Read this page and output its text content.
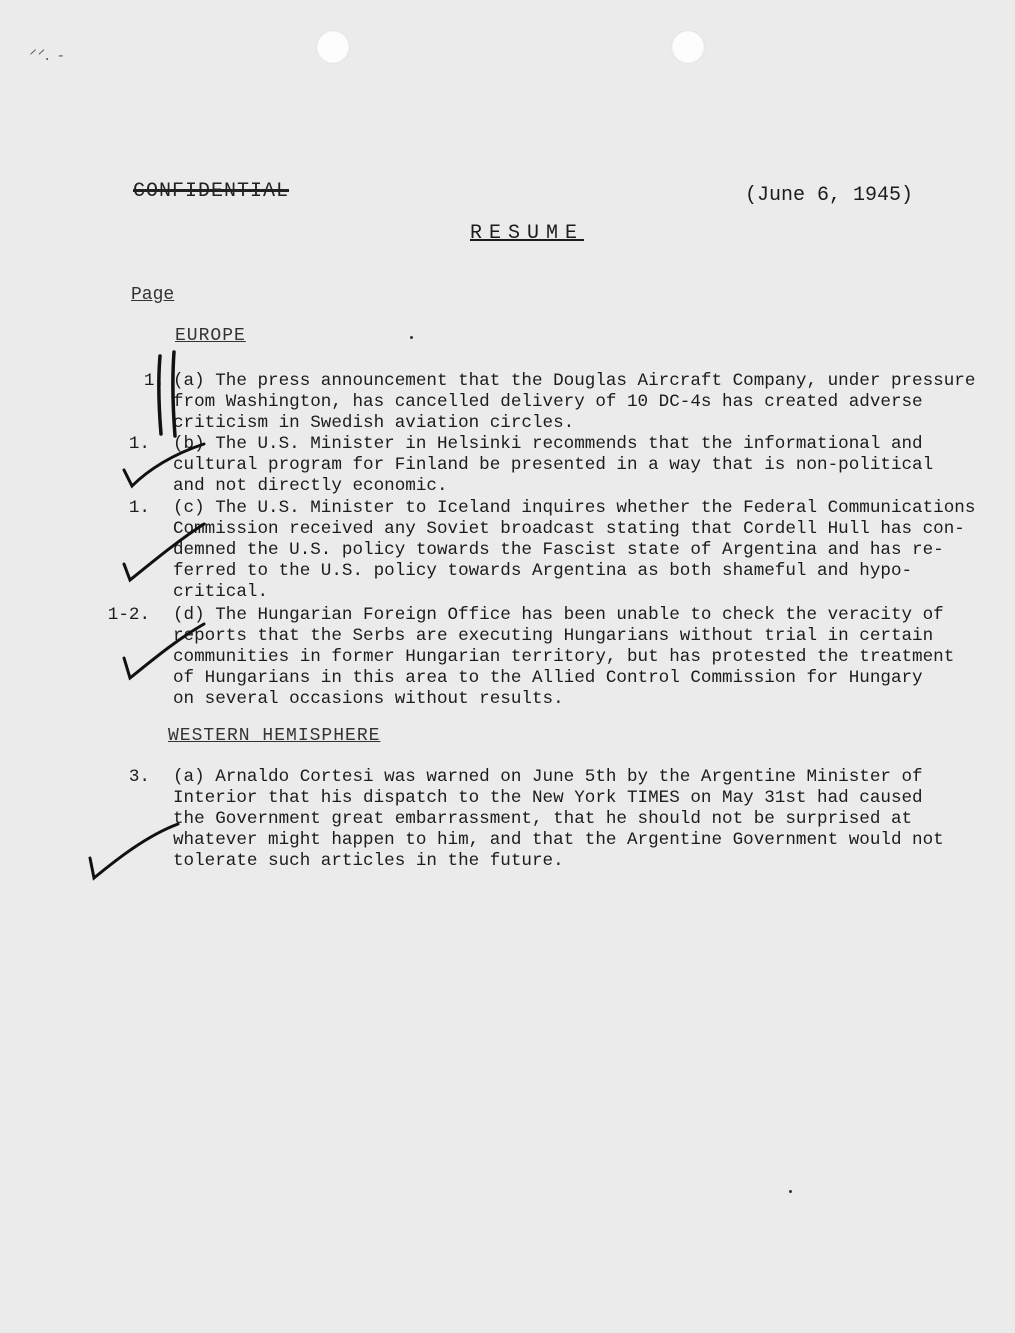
ᐟᐟ. -
CONFIDENTIAL	(June 6, 1945)
RESUME
Page
EUROPE
1. (a) The press announcement that the Douglas Aircraft Company, under pressure
from Washington, has cancelled delivery of 10 DC-4s has created adverse
criticism in Swedish aviation circles.
1. (b) The U.S. Minister in Helsinki recommends that the informational and
cultural program for Finland be presented in a way that is non-political
and not directly economic.
1. (c) The U.S. Minister to Iceland inquires whether the Federal Communications
Commission received any Soviet broadcast stating that Cordell Hull has con-
demned the U.S. policy towards the Fascist state of Argentina and has re-
ferred to the U.S. policy towards Argentina as both shameful and hypo-
critical.
1-2. (d) The Hungarian Foreign Office has been unable to check the veracity of
reports that the Serbs are executing Hungarians without trial in certain
communities in former Hungarian territory, but has protested the treatment
of Hungarians in this area to the Allied Control Commission for Hungary
on several occasions without results.
WESTERN HEMISPHERE
3. (a) Arnaldo Cortesi was warned on June 5th by the Argentine Minister of
Interior that his dispatch to the New York TIMES on May 31st had caused
the Government great embarrassment, that he should not be surprised at
whatever might happen to him, and that the Argentine Government would not
tolerate such articles in the future.
